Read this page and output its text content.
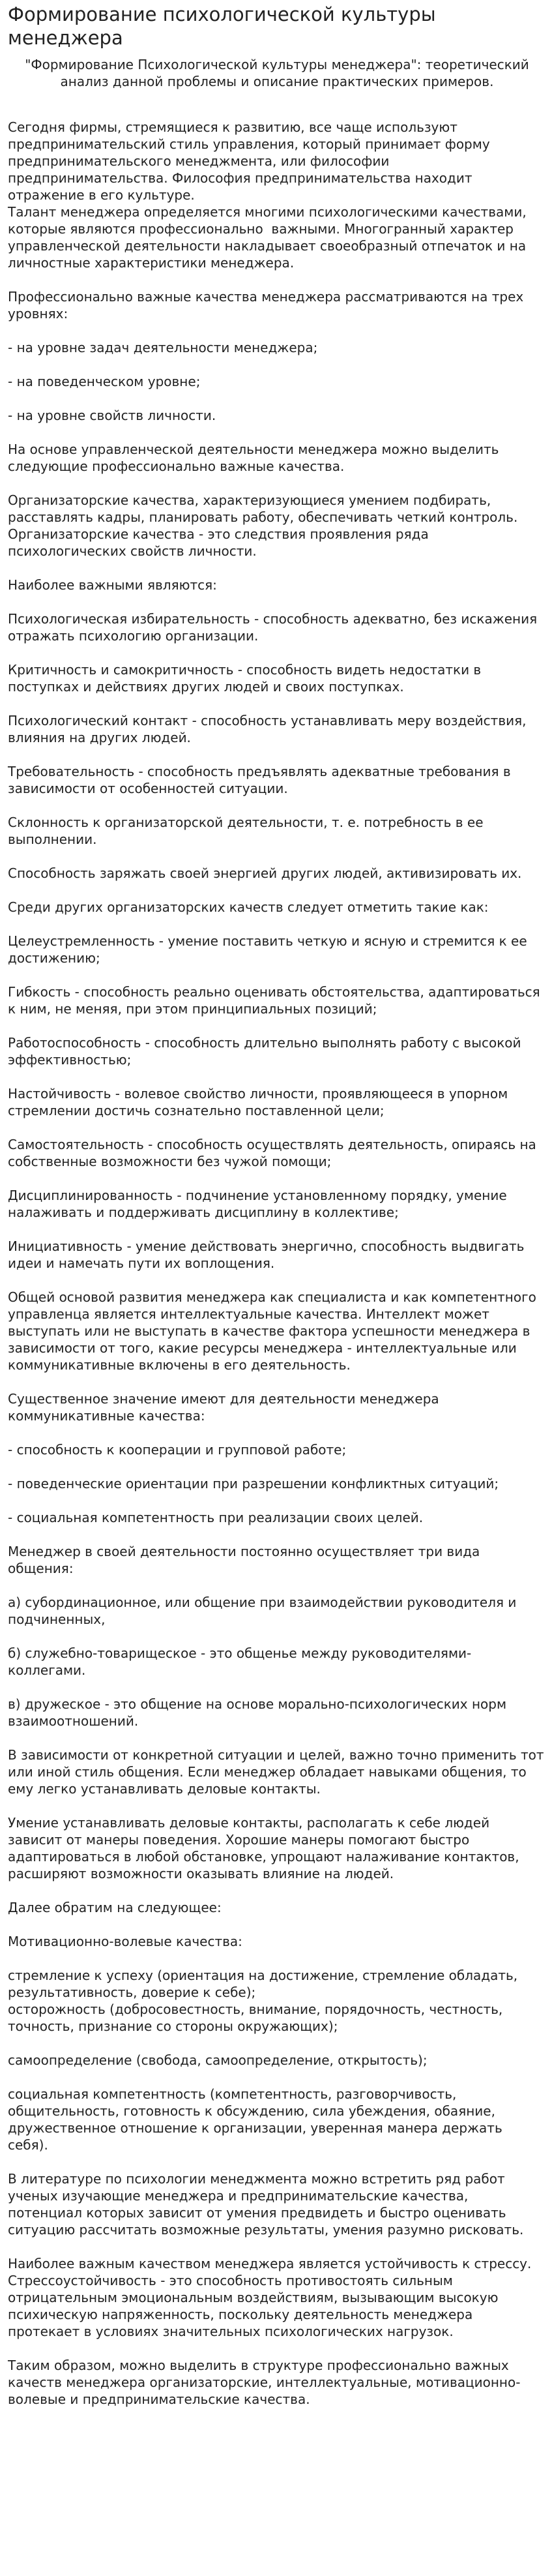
Формирование психологической культуры менеджера
"Формирование Психологической культуры менеджера": теоретический анализ данной проблемы и описание практических примеров.

Сегодня фирмы, стремящиеся к развитию, все чаще используют предпринимательский стиль управления, который принимает форму предпринимательского менеджмента, или философии предпринимательства. Философия предпринимательства находит отражение в его культуре.

Талант менеджера определяется многими психологическими качествами, которые являются профессионально  важными. Многогранный характер управленческой деятельности накладывает своеобразный отпечаток и на личностные характеристики менеджера.

Профессионально важные качества менеджера рассматриваются на трех уровнях:

- на уровне задач деятельности менеджера;

- на поведенческом уровне;

- на уровне свойств личности.

На основе управленческой деятельности менеджера можно выделить следующие профессионально важные качества.

Организаторские качества, характеризующиеся умением подбирать, расставлять кадры, планировать работу, обеспечивать четкий контроль. Организаторские качества - это следствия проявления ряда психологических свойств личности.

Наиболее важными являются:

Психологическая избирательность - способность адекватно, без искажения отражать психологию организации.

Критичность и самокритичность - способность видеть недостатки в поступках и действиях других людей и своих поступках.

Психологический контакт - способность устанавливать меру воздействия, влияния на других людей.

Требовательность - способность предъявлять адекватные требования в зависимости от особенностей ситуации.

Склонность к организаторской деятельности, т. е. потребность в ее выполнении.

Способность заряжать своей энергией других людей, активизировать их.

Среди других организаторских качеств следует отметить такие как:

Целеустремленность - умение поставить четкую и ясную и стремится к ее достижению;

Гибкость - способность реально оценивать обстоятельства, адаптироваться к ним, не меняя, при этом принципиальных позиций;

Работоспособность - способность длительно выполнять работу с высокой эффективностью;

Настойчивость - волевое свойство личности, проявляющееся в упорном стремлении достичь сознательно поставленной цели;

Самостоятельность - способность осуществлять деятельность, опираясь на собственные возможности без чужой помощи;

Дисциплинированность - подчинение установленному порядку, умение налаживать и поддерживать дисциплину в коллективе;

Инициативность - умение действовать энергично, способность выдвигать идеи и намечать пути их воплощения.

Общей основой развития менеджера как специалиста и как компетентного управленца является интеллектуальные качества. Интеллект может выступать или не выступать в качестве фактора успешности менеджера в зависимости от того, какие ресурсы менеджера - интеллектуальные или коммуникативные включены в его деятельность.

Существенное значение имеют для деятельности менеджера коммуникативные качества:

- способность к кооперации и групповой работе;

- поведенческие ориентации при разрешении конфликтных ситуаций;

- социальная компетентность при реализации своих целей.

Менеджер в своей деятельности постоянно осуществляет три вида общения:

а) субординационное, или общение при взаимодействии руководителя и подчиненных,

б) служебно-товарищеское - это общенье между руководителями-коллегами.

в) дружеское - это общение на основе морально-психологических норм взаимоотношений.

В зависимости от конкретной ситуации и целей, важно точно применить тот или иной стиль общения. Если менеджер обладает навыками общения, то ему легко устанавливать деловые контакты.

Умение устанавливать деловые контакты, располагать к себе людей зависит от манеры поведения. Хорошие манеры помогают быстро адаптироваться в любой обстановке, упрощают налаживание контактов, расширяют возможности оказывать влияние на людей.

Далее обратим на следующее:

Мотивационно-волевые качества:

стремление к успеху (ориентация на достижение, стремление обладать, результативность, доверие к себе);

осторожность (добросовестность, внимание, порядочность, честность, точность, признание со стороны окружающих);

самоопределение (свобода, самоопределение, открытость);

социальная компетентность (компетентность, разговорчивость, общительность, готовность к обсуждению, сила убеждения, обаяние, дружественное отношение к организации, уверенная манера держать себя).

В литературе по психологии менеджмента можно встретить ряд работ ученых изучающие менеджера и предпринимательские качества, потенциал которых зависит от умения предвидеть и быстро оценивать ситуацию рассчитать возможные результаты, умения разумно рисковать.

Наиболее важным качеством менеджера является устойчивость к стрессу. Стрессоустойчивость - это способность противостоять сильным отрицательным эмоциональным воздействиям, вызывающим высокую психическую напряженность, поскольку деятельность менеджера протекает в условиях значительных психологических нагрузок.

Таким образом, можно выделить в структуре профессионально важных качеств менеджера организаторские, интеллектуальные, мотивационно-волевые и предпринимательские качества.
